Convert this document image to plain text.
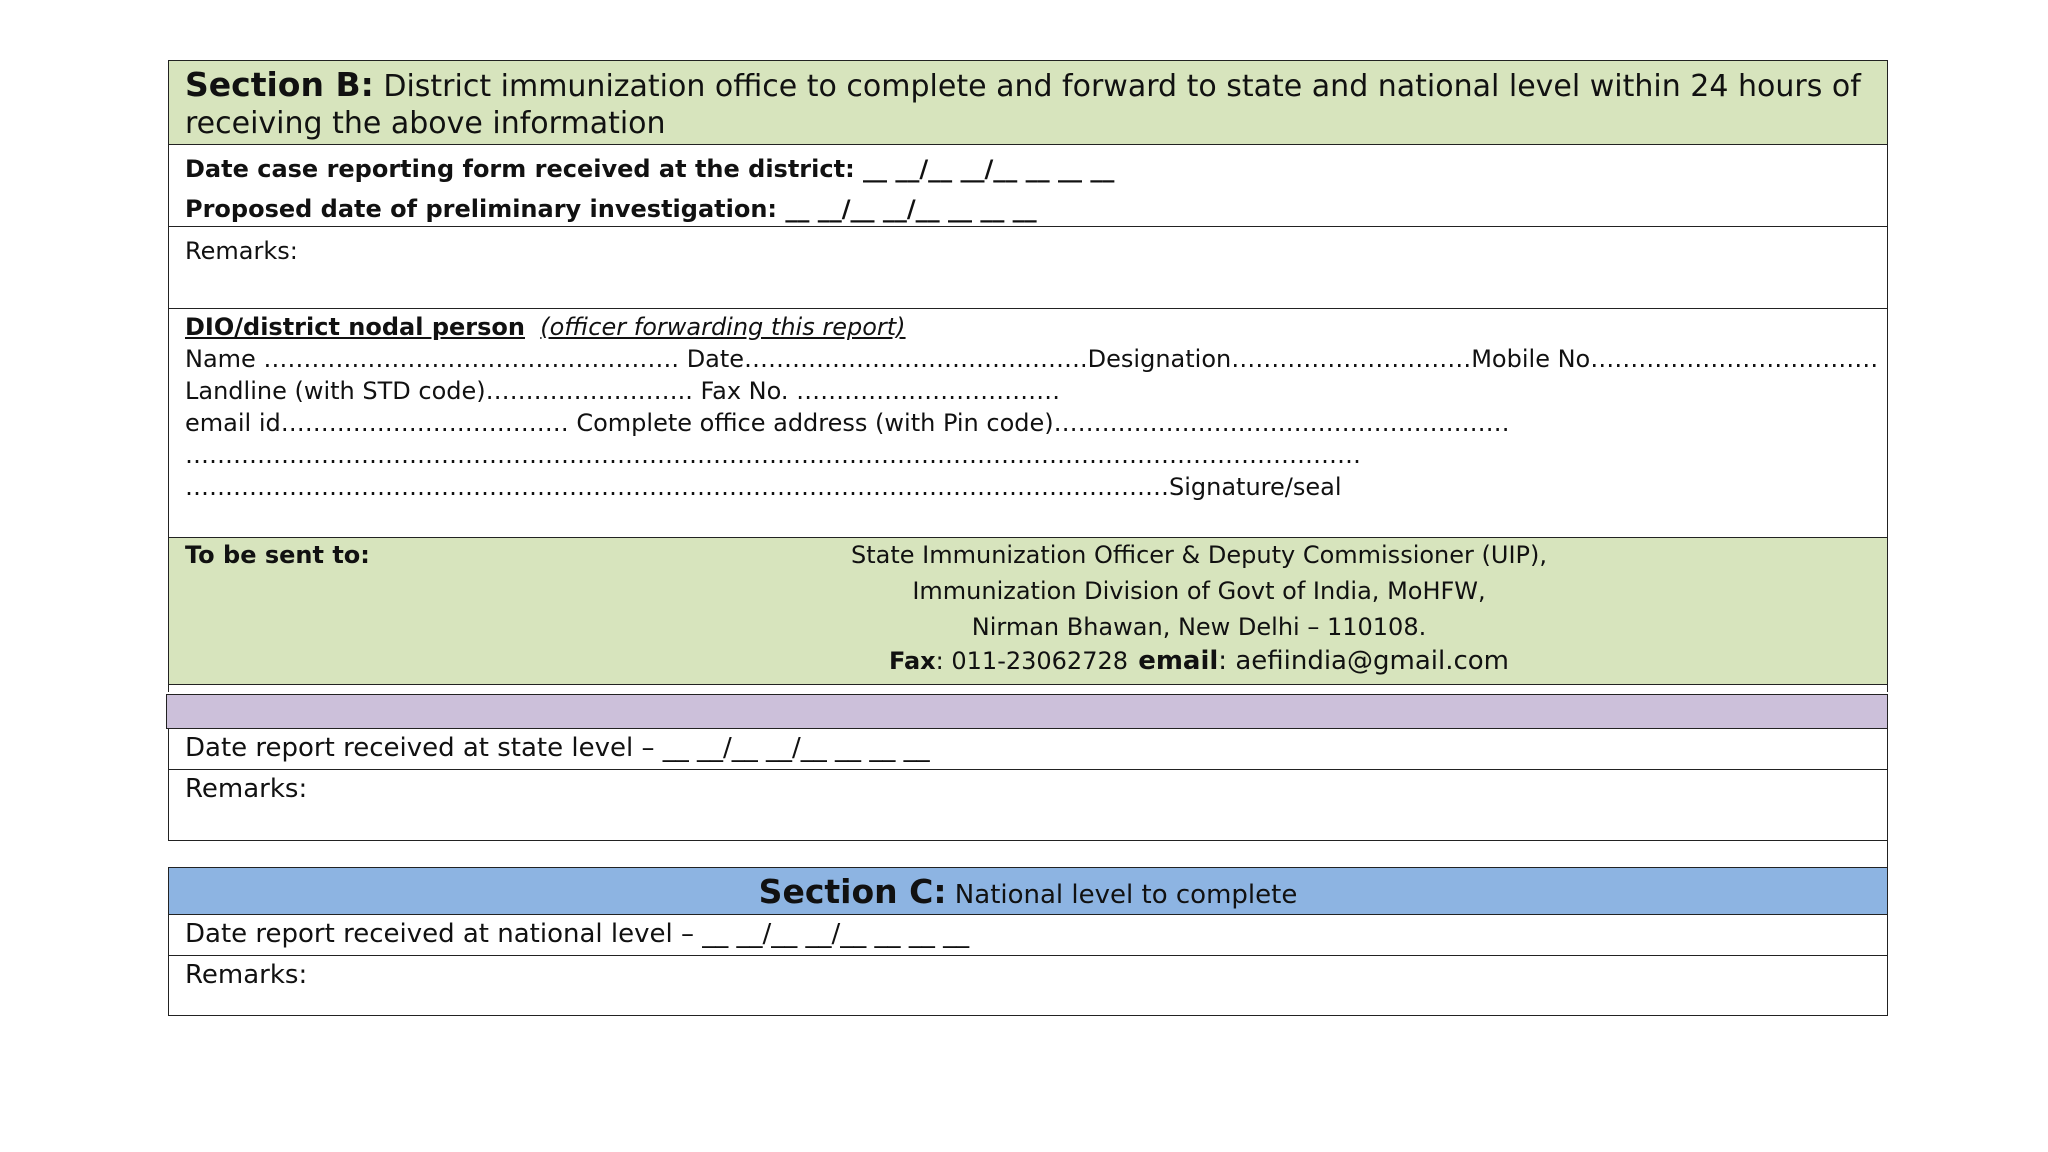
Section B: District immunization office to complete and forward to state and national level within 24 hours of
receiving the above information
Date case reporting form received at the district: __ __/__ __/__ __ __ __
Proposed date of preliminary investigation: __ __/__ __/__ __ __ __
Remarks:
DIO/district nodal person (officer forwarding this report)
Name ……………………………………………. Date…………………………………….Designation…………………………Mobile No………………………………
Landline (with STD code)…………………….. Fax No. ……………………………
email id……………………………… Complete office address (with Pin code)…………………………………………………
…………………………………………………………………………………………………………………………………
……………………………………………………………………………………………………………Signature/seal
To be sent to:	State Immunization Officer & Deputy Commissioner (UIP),
Immunization Division of Govt of India, MoHFW,
Nirman Bhawan, New Delhi – 110108.
Fax: 011-23062728 email: aefiindia@gmail.com
Date report received at state level – __ __/__ __/__ __ __ __
Remarks:
Section C: National level to complete
Date report received at national level – __ __/__ __/__ __ __ __
Remarks:
